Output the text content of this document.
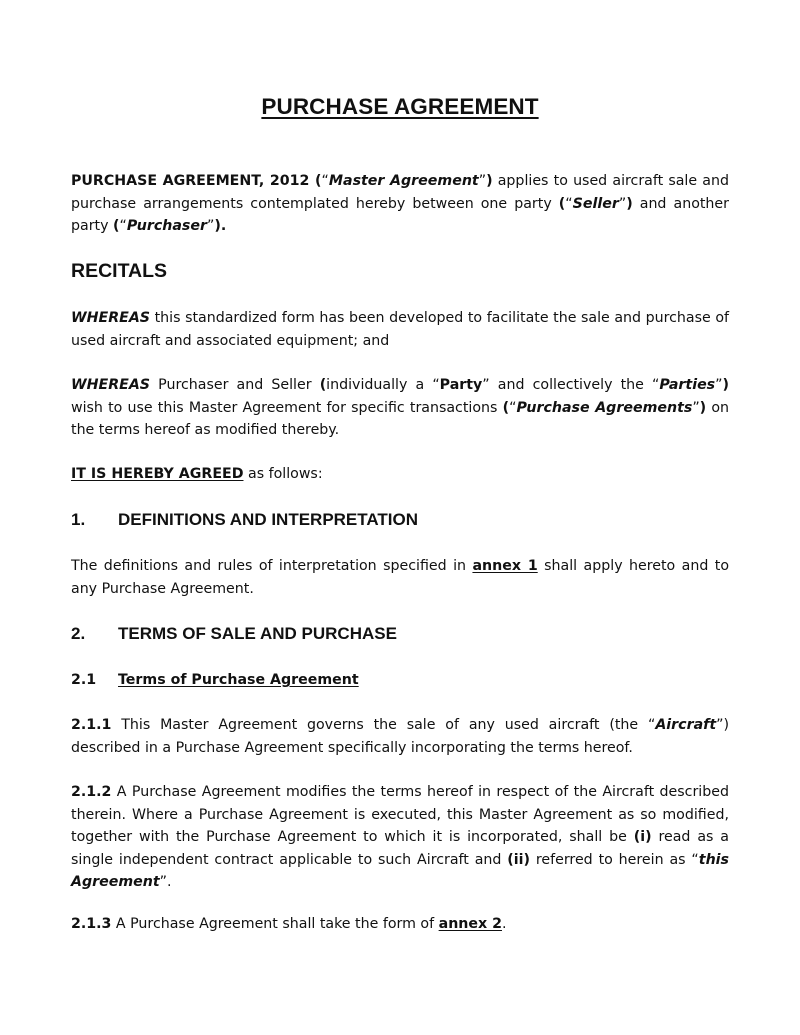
PURCHASE AGREEMENT

PURCHASE AGREEMENT, 2012 (“Master Agreement”) applies to used aircraft sale and purchase arrangements contemplated hereby between one party (“Seller”) and another party (“Purchaser”).

RECITALS

WHEREAS this standardized form has been developed to facilitate the sale and purchase of used aircraft and associated equipment; and

WHEREAS Purchaser and Seller (individually a “Party” and collectively the “Parties”) wish to use this Master Agreement for specific transactions (“Purchase Agreements”) on the terms hereof as modified thereby.

IT IS HEREBY AGREED as follows:

1. DEFINITIONS AND INTERPRETATION

The definitions and rules of interpretation specified in annex 1 shall apply hereto and to any Purchase Agreement.

2. TERMS OF SALE AND PURCHASE
2.1 Terms of Purchase Agreement

2.1.1 This Master Agreement governs the sale of any used aircraft (the “Aircraft”) described in a Purchase Agreement specifically incorporating the terms hereof.

2.1.2 A Purchase Agreement modifies the terms hereof in respect of the Aircraft described therein. Where a Purchase Agreement is executed, this Master Agreement as so modified, together with the Purchase Agreement to which it is incorporated, shall be (i) read as a single independent contract applicable to such Aircraft and (ii) referred to herein as “this Agreement”.

2.1.3 A Purchase Agreement shall take the form of annex 2.
